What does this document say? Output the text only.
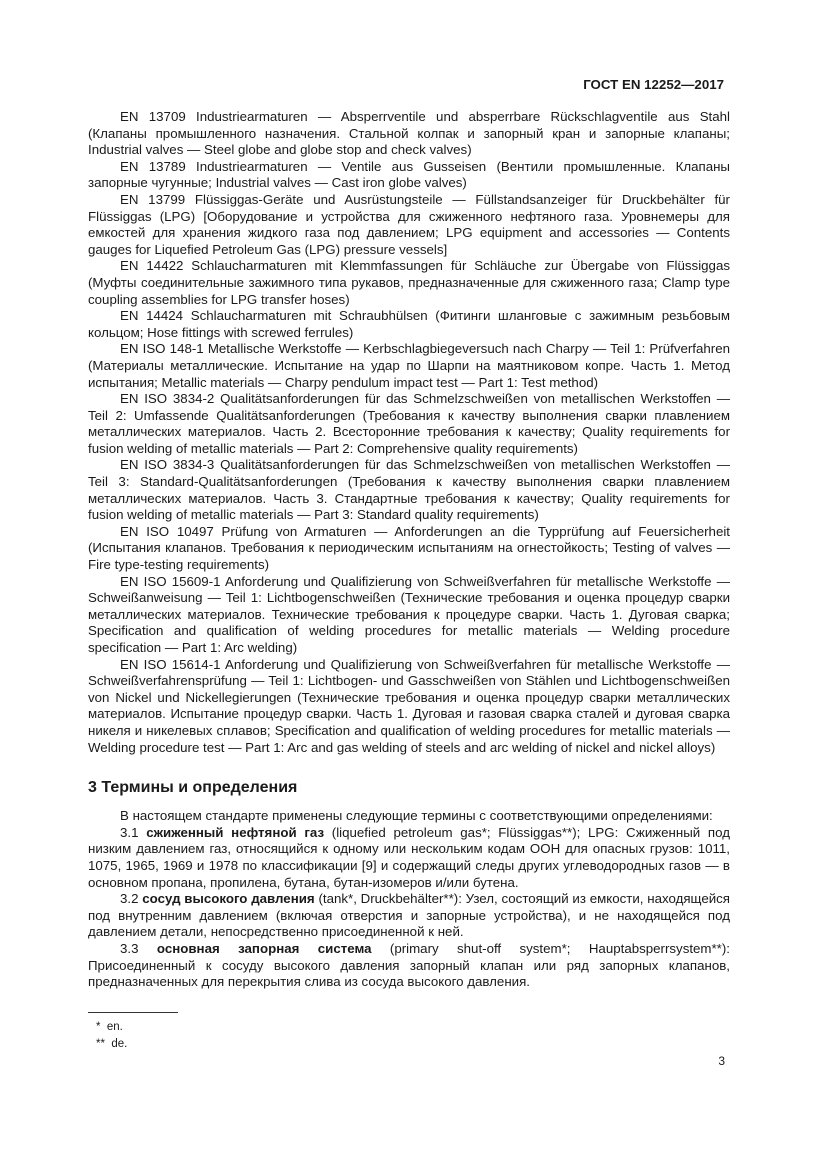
ГОСТ EN 12252—2017

EN 13709 Industriearmaturen — Absperrventile und absperrbare Rückschlagventile aus Stahl (Клапаны промышленного назначения. Стальной колпак и запорный кран и запорные клапаны; Industrial valves — Steel globe and globe stop and check valves)

EN 13789 Industriearmaturen — Ventile aus Gusseisen (Вентили промышленные. Клапаны запорные чугунные; Industrial valves — Cast iron globe valves)

EN 13799 Flüssiggas-Geräte und Ausrüstungsteile — Füllstandsanzeiger für Druckbehälter für Flüssiggas (LPG) [Оборудование и устройства для сжиженного нефтяного газа. Уровнемеры для емкостей для хранения жидкого газа под давлением; LPG equipment and accessories — Contents gauges for Liquefied Petroleum Gas (LPG) pressure vessels]

EN 14422 Schlaucharmaturen mit Klemmfassungen für Schläuche zur Übergabe von Flüssiggas (Муфты соединительные зажимного типа рукавов, предназначенные для сжиженного газа; Clamp type coupling assemblies for LPG transfer hoses)

EN 14424 Schlaucharmaturen mit Schraubhülsen (Фитинги шланговые с зажимным резьбовым кольцом; Hose fittings with screwed ferrules)

EN ISO 148-1 Metallische Werkstoffe — Kerbschlagbiegeversuch nach Charpy — Teil 1: Prüfverfahren (Материалы металлические. Испытание на удар по Шарпи на маятниковом копре. Часть 1. Метод испытания; Metallic materials — Charpy pendulum impact test — Part 1: Test method)

EN ISO 3834-2 Qualitätsanforderungen für das Schmelzschweißen von metallischen Werkstoffen — Teil 2: Umfassende Qualitätsanforderungen (Требования к качеству выполнения сварки плавлением металлических материалов. Часть 2. Всесторонние требования к качеству; Quality requirements for fusion welding of metallic materials — Part 2: Comprehensive quality requirements)

EN ISO 3834-3 Qualitätsanforderungen für das Schmelzschweißen von metallischen Werkstoffen — Teil 3: Standard-Qualitätsanforderungen (Требования к качеству выполнения сварки плавлением металлических материалов. Часть 3. Стандартные требования к качеству; Quality requirements for fusion welding of metallic materials — Part 3: Standard quality requirements)

EN ISO 10497 Prüfung von Armaturen — Anforderungen an die Typprüfung auf Feuersicherheit (Испытания клапанов. Требования к периодическим испытаниям на огнестойкость; Testing of valves — Fire type-testing requirements)

EN ISO 15609-1 Anforderung und Qualifizierung von Schweißverfahren für metallische Werkstoffe — Schweißanweisung — Teil 1: Lichtbogenschweißen (Технические требования и оценка процедур сварки металлических материалов. Технические требования к процедуре сварки. Часть 1. Дуговая сварка; Specification and qualification of welding procedures for metallic materials — Welding procedure specification — Part 1: Arc welding)

EN ISO 15614-1 Anforderung und Qualifizierung von Schweißverfahren für metallische Werkstoffe — Schweißverfahrensprüfung — Teil 1: Lichtbogen- und Gasschweißen von Stählen und Lichtbogenschweißen von Nickel und Nickellegierungen (Технические требования и оценка процедур сварки металлических материалов. Испытание процедур сварки. Часть 1. Дуговая и газовая сварка сталей и дуговая сварка никеля и никелевых сплавов; Specification and qualification of welding procedures for metallic materials — Welding procedure test — Part 1: Arc and gas welding of steels and arc welding of nickel and nickel alloys)

3 Термины и определения

В настоящем стандарте применены следующие термины с соответствующими определениями:

3.1 сжиженный нефтяной газ (liquefied petroleum gas*; Flüssiggas**); LPG: Сжиженный под низким давлением газ, относящийся к одному или нескольким кодам ООН для опасных грузов: 1011, 1075, 1965, 1969 и 1978 по классификации [9] и содержащий следы других углеводородных газов — в основном пропана, пропилена, бутана, бутан-изомеров и/или бутена.

3.2 сосуд высокого давления (tank*, Druckbehälter**): Узел, состоящий из емкости, находящейся под внутренним давлением (включая отверстия и запорные устройства), и не находящейся под давлением детали, непосредственно присоединенной к ней.

3.3 основная запорная система (primary shut-off system*; Hauptabsperrsystem**): Присоединенный к сосуду высокого давления запорный клапан или ряд запорных клапанов, предназначенных для перекрытия слива из сосуда высокого давления.

*  en.
**  de.
3
